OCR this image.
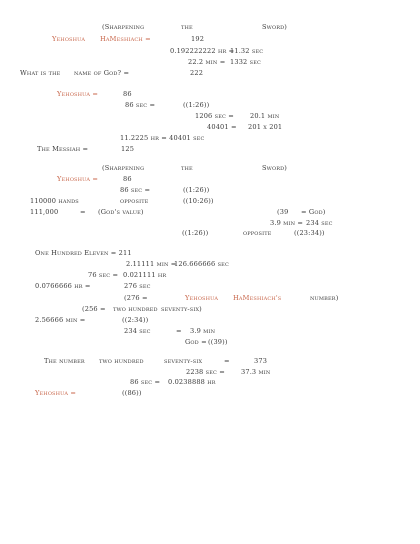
(Sharpening	the	Sword)
Yehoshua HaMeshiach =	192
0.192222222 hr =
11.32 sec
22.2 min = 1332 sec
What is the name of God? =	222
Yehoshua =	86
86 sec =	((1:26))
1206 sec = 20.1 min
40401 = 201 x 201
11.2225 hr = 40401 sec
The Messiah =	125
(Sharpening	the	Sword)
Yehoshua =	86
86 sec =	((1:26))
110000 hands	opposite	((10:26))
111,000	= (God's value)	(39 = God)
3.9 min = 234 sec
((1:26))	opposite	((23:34))
One Hundred Eleven = 211
2.11111 min =
126.666666 sec
76 sec = 0.021111 hr
0.0766666 hr =	276 sec
(276 =	Yehoshua HaMeshiach's	number)
(256 = two hundred seventy-six)
2.56666 min =	((2:34))
234 sec	= 3.9 min
God = ((39))
The number two hundred	seventy-six	=	373
2238 sec = 37.3 min
86 sec = 0.0238888 hr
Yehoshua =	((86))
